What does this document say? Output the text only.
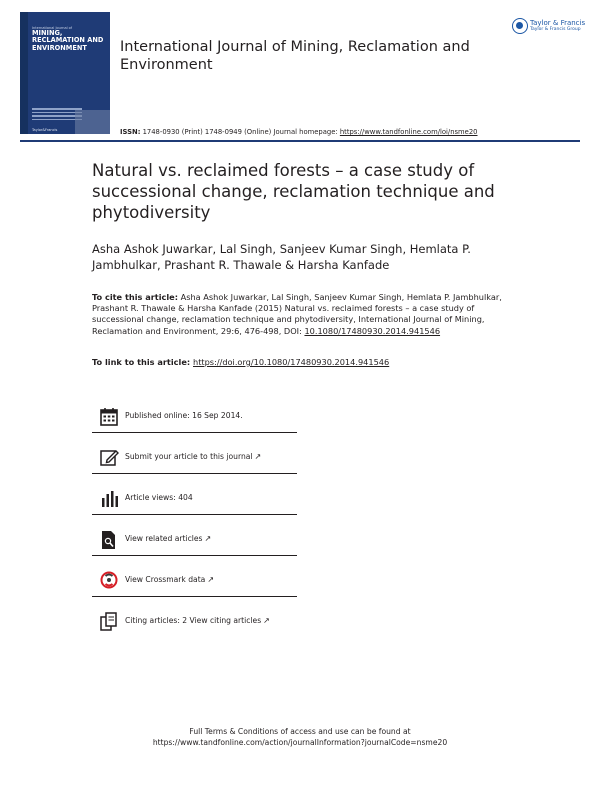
International Journal of
MINING, RECLAMATION AND ENVIRONMENT
Taylor&Francis
International Journal of Mining, Reclamation and Environment
Taylor & Francis
Taylor & Francis Group
ISSN: 1748-0930 (Print) 1748-0949 (Online) Journal homepage: https://www.tandfonline.com/loi/nsme20
Natural vs. reclaimed forests – a case study of successional change, reclamation technique and phytodiversity
Asha Ashok Juwarkar, Lal Singh, Sanjeev Kumar Singh, Hemlata P. Jambhulkar, Prashant R. Thawale & Harsha Kanfade
To cite this article: Asha Ashok Juwarkar, Lal Singh, Sanjeev Kumar Singh, Hemlata P. Jambhulkar, Prashant R. Thawale & Harsha Kanfade (2015) Natural vs. reclaimed forests – a case study of successional change, reclamation technique and phytodiversity, International Journal of Mining, Reclamation and Environment, 29:6, 476-498, DOI: 10.1080/17480930.2014.941546
To link to this article: https://doi.org/10.1080/17480930.2014.941546
Published online: 16 Sep 2014.
Submit your article to this journal ↗
Article views: 404
View related articles ↗
View Crossmark data ↗
Citing articles: 2 View citing articles ↗
Full Terms & Conditions of access and use can be found at
https://www.tandfonline.com/action/journalInformation?journalCode=nsme20
